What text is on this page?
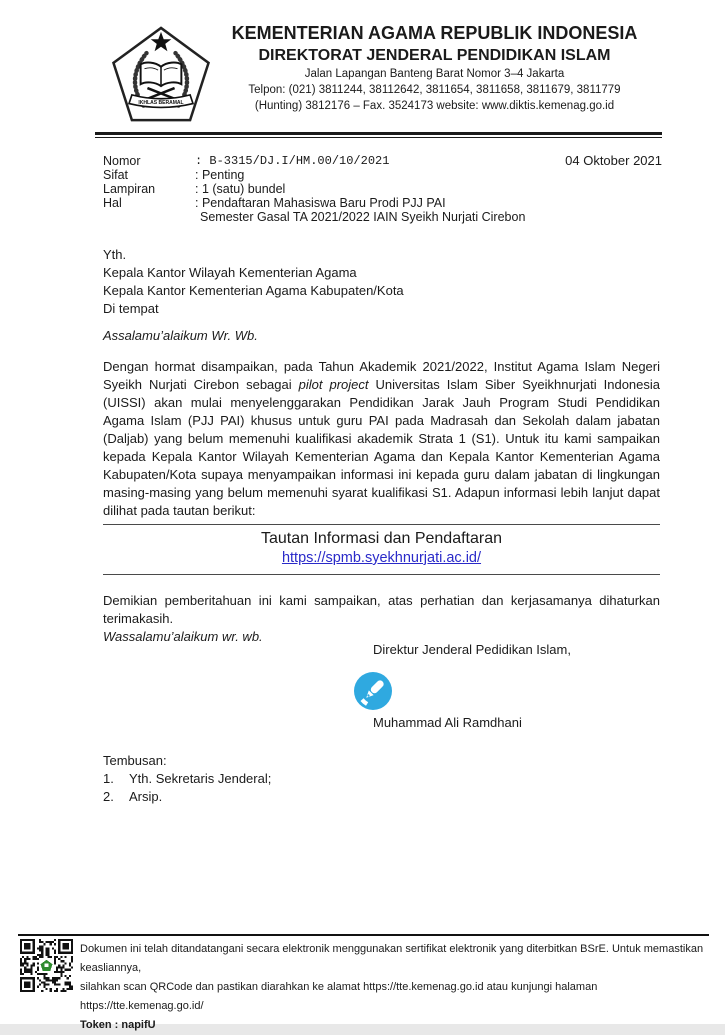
IKHLAS BERAMAL
KEMENTERIAN AGAMA REPUBLIK INDONESIA
DIREKTORAT JENDERAL PENDIDIKAN ISLAM
Jalan Lapangan Banteng Barat Nomor 3–4 Jakarta
Telpon: (021) 3811244, 38112642, 3811654, 3811658, 3811679, 3811779
(Hunting) 3812176 – Fax. 3524173 website: www.diktis.kemenag.go.id
04 Oktober 2021
Nomor	: B-3315/DJ.I/HM.00/10/2021
Sifat	: Penting
Lampiran	: 1 (satu) bundel
Hal	: Pendaftaran Mahasiswa Baru Prodi PJJ PAI
Semester Gasal TA 2021/2022 IAIN Syeikh Nurjati Cirebon
Yth.
Kepala Kantor Wilayah Kementerian Agama
Kepala Kantor Kementerian Agama Kabupaten/Kota
Di tempat
Assalamu’alaikum Wr. Wb.

Dengan hormat disampaikan, pada Tahun Akademik 2021/2022, Institut Agama Islam Negeri Syeikh Nurjati Cirebon sebagai pilot project Universitas Islam Siber Syeikhnurjati Indonesia (UISSI) akan mulai menyelenggarakan Pendidikan Jarak Jauh Program Studi Pendidikan Agama Islam (PJJ PAI) khusus untuk guru PAI pada Madrasah dan Sekolah dalam jabatan (Daljab) yang belum memenuhi kualifikasi akademik Strata 1 (S1). Untuk itu kami sampaikan kepada Kepala Kantor Wilayah Kementerian Agama dan Kepala Kantor Kementerian Agama Kabupaten/Kota supaya menyampaikan informasi ini kepada guru dalam jabatan di lingkungan masing-masing yang belum memenuhi syarat kualifikasi S1. Adapun informasi lebih lanjut dapat dilihat pada tautan berikut:

Tautan Informasi dan Pendaftaran
https://spmb.syekhnurjati.ac.id/

Demikian pemberitahuan ini kami sampaikan, atas perhatian dan kerjasamanya dihaturkan terimakasih.

Wassalamu’alaikum wr. wb.
Direktur Jenderal Pedidikan Islam,
Muhammad Ali Ramdhani
Tembusan:
1.	Yth. Sekretaris Jenderal;
2.	Arsip.
Dokumen ini telah ditandatangani secara elektronik menggunakan sertifikat elektronik yang diterbitkan BSrE. Untuk memastikan keasliannya,
silahkan scan QRCode dan pastikan diarahkan ke alamat https://tte.kemenag.go.id atau kunjungi halaman https://tte.kemenag.go.id/
Token : napifU
